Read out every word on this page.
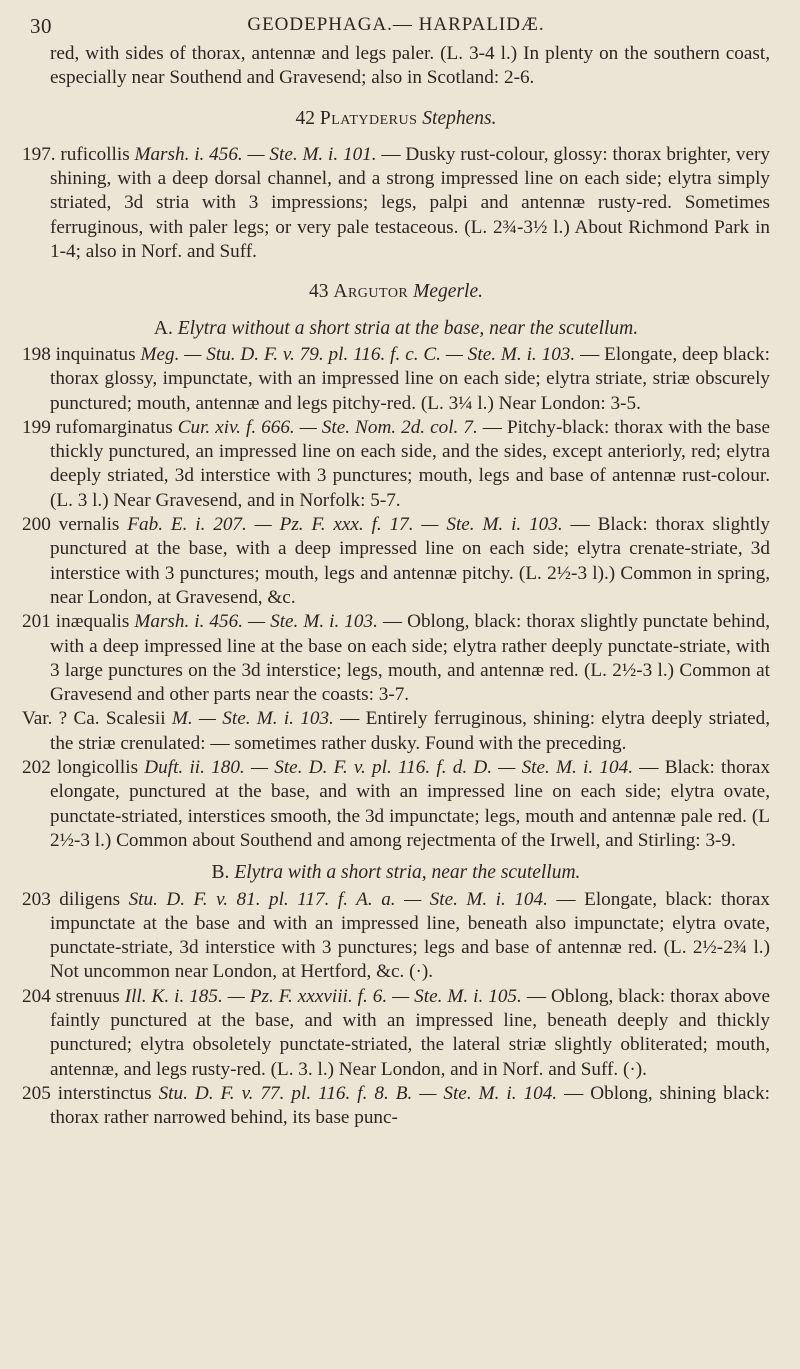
30	GEODEPHAGA.— HARPALIDÆ.

red, with sides of thorax, antennæ and legs paler. (L. 3-4 l.) In plenty on the southern coast, especially near Southend and Gravesend; also in Scotland: 2-6.

42 Platyderus Stephens.

197. ruficollis Marsh. i. 456. — Ste. M. i. 101. — Dusky rust-colour, glossy: thorax brighter, very shining, with a deep dorsal channel, and a strong impressed line on each side; elytra simply striated, 3d stria with 3 impressions; legs, palpi and antennæ rusty-red. Sometimes ferruginous, with paler legs; or very pale testaceous. (L. 2¾-3½ l.) About Richmond Park in 1-4; also in Norf. and Suff.

43 Argutor Megerle.
A. Elytra without a short stria at the base, near the scutellum.

198 inquinatus Meg. — Stu. D. F. v. 79. pl. 116. f. c. C. — Ste. M. i. 103. — Elongate, deep black: thorax glossy, impunctate, with an impressed line on each side; elytra striate, striæ obscurely punctured; mouth, antennæ and legs pitchy-red. (L. 3¼ l.) Near London: 3-5.

199 rufomarginatus Cur. xiv. f. 666. — Ste. Nom. 2d. col. 7. — Pitchy-black: thorax with the base thickly punctured, an impressed line on each side, and the sides, except anteriorly, red; elytra deeply striated, 3d interstice with 3 punctures; mouth, legs and base of antennæ rust-colour. (L. 3 l.) Near Gravesend, and in Norfolk: 5-7.

200 vernalis Fab. E. i. 207. — Pz. F. xxx. f. 17. — Ste. M. i. 103. — Black: thorax slightly punctured at the base, with a deep impressed line on each side; elytra crenate-striate, 3d interstice with 3 punctures; mouth, legs and antennæ pitchy. (L. 2½-3 l).) Common in spring, near London, at Gravesend, &c.

201 inæqualis Marsh. i. 456. — Ste. M. i. 103. — Oblong, black: thorax slightly punctate behind, with a deep impressed line at the base on each side; elytra rather deeply punctate-striate, with 3 large punctures on the 3d interstice; legs, mouth, and antennæ red. (L. 2½-3 l.) Common at Gravesend and other parts near the coasts: 3-7.

Var. ? Ca. Scalesii M. — Ste. M. i. 103. — Entirely ferruginous, shining: elytra deeply striated, the striæ crenulated: — sometimes rather dusky. Found with the preceding.

202 longicollis Duft. ii. 180. — Ste. D. F. v. pl. 116. f. d. D. — Ste. M. i. 104. — Black: thorax elongate, punctured at the base, and with an impressed line on each side; elytra ovate, punctate-striated, interstices smooth, the 3d impunctate; legs, mouth and antennæ pale red. (L 2½-3 l.) Common about Southend and among rejectmenta of the Irwell, and Stirling: 3-9.

B. Elytra with a short stria, near the scutellum.

203 diligens Stu. D. F. v. 81. pl. 117. f. A. a. — Ste. M. i. 104. — Elongate, black: thorax impunctate at the base and with an impressed line, beneath also impunctate; elytra ovate, punctate-striate, 3d interstice with 3 punctures; legs and base of antennæ red. (L. 2½-2¾ l.) Not uncommon near London, at Hertford, &c. (·).

204 strenuus Ill. K. i. 185. — Pz. F. xxxviii. f. 6. — Ste. M. i. 105. — Oblong, black: thorax above faintly punctured at the base, and with an impressed line, beneath deeply and thickly punctured; elytra obsoletely punctate-striated, the lateral striæ slightly obliterated; mouth, antennæ, and legs rusty-red. (L. 3. l.) Near London, and in Norf. and Suff. (·).

205 interstinctus Stu. D. F. v. 77. pl. 116. f. 8. B. — Ste. M. i. 104. — Oblong, shining black: thorax rather narrowed behind, its base punc-
